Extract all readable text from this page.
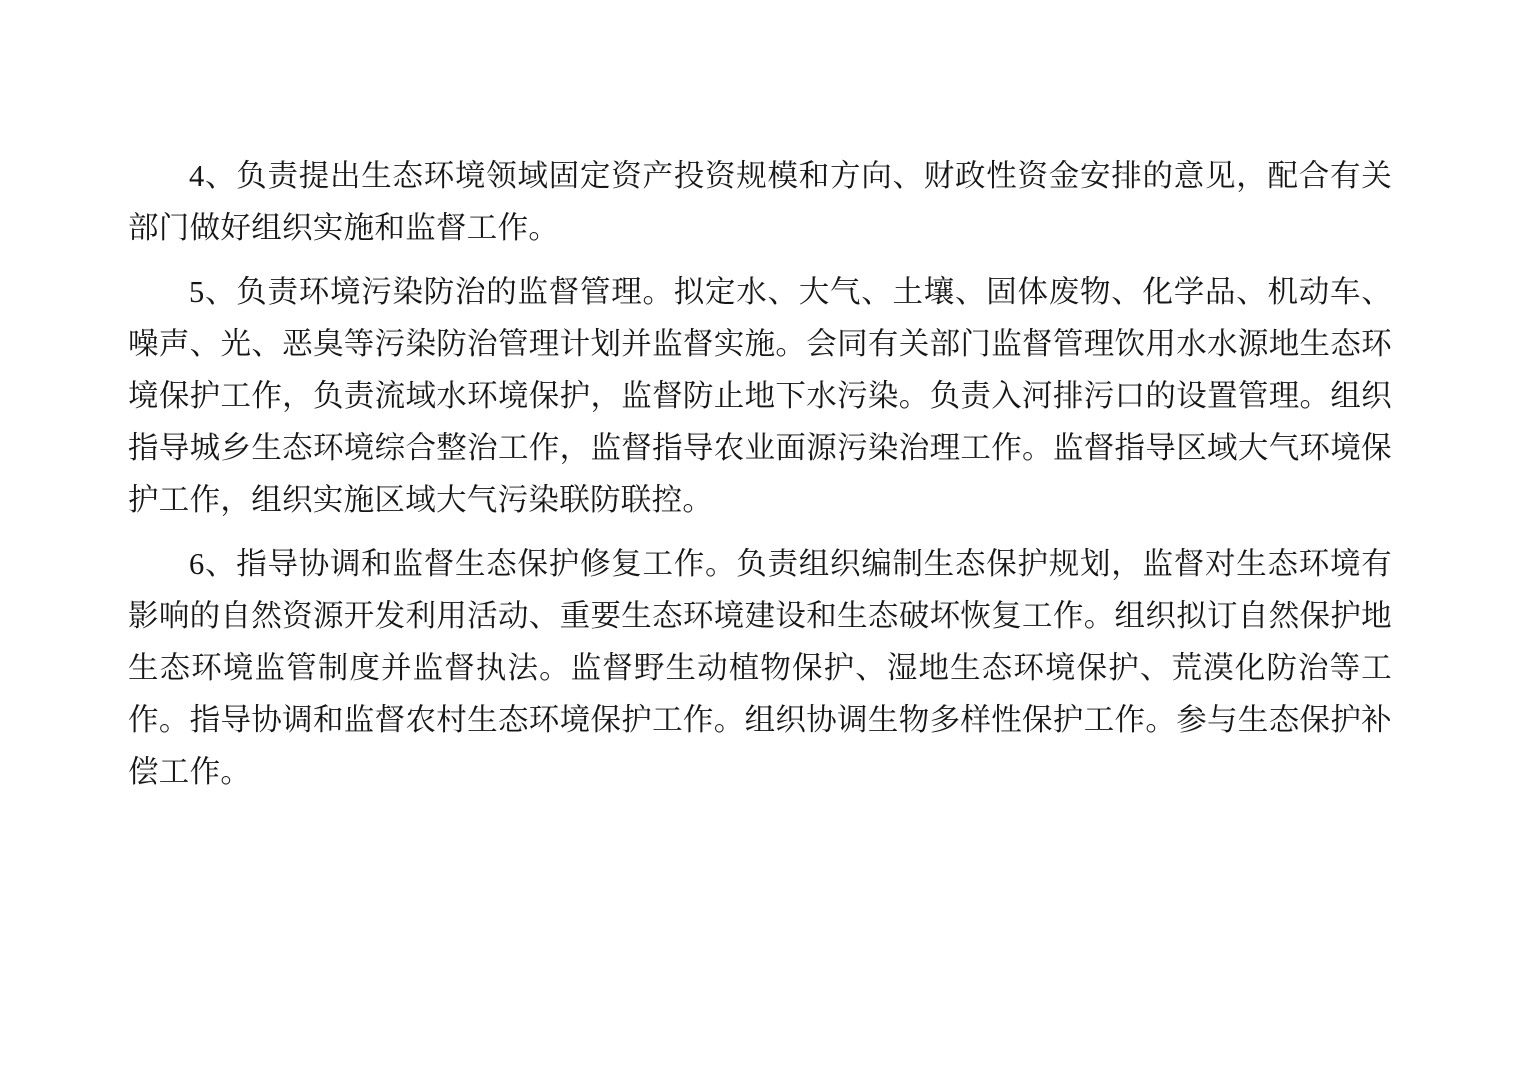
4、负责提出生态环境领域固定资产投资规模和方向、财政性资金安排的意见，配合有关部门做好组织实施和监督工作。

5、负责环境污染防治的监督管理。拟定水、大气、土壤、固体废物、化学品、机动车、噪声、光、恶臭等污染防治管理计划并监督实施。会同有关部门监督管理饮用水水源地生态环境保护工作，负责流域水环境保护，监督防止地下水污染。负责入河排污口的设置管理。组织指导城乡生态环境综合整治工作，监督指导农业面源污染治理工作。监督指导区域大气环境保护工作，组织实施区域大气污染联防联控。

6、指导协调和监督生态保护修复工作。负责组织编制生态保护规划，监督对生态环境有影响的自然资源开发利用活动、重要生态环境建设和生态破坏恢复工作。组织拟订自然保护地生态环境监管制度并监督执法。监督野生动植物保护、湿地生态环境保护、荒漠化防治等工作。指导协调和监督农村生态环境保护工作。组织协调生物多样性保护工作。参与生态保护补偿工作。
